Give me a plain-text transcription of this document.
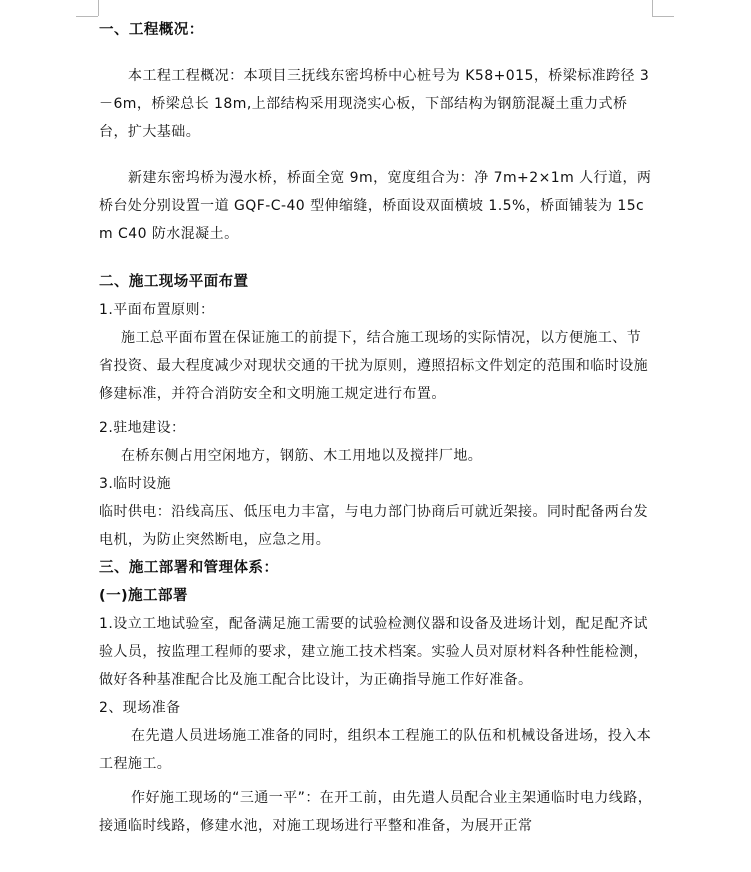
一、工程概况：

本工程工程概况：本项目三抚线东密坞桥中心桩号为 K58+015，桥梁标准跨径 3－6m，桥梁总长 18m,上部结构采用现浇实心板，下部结构为钢筋混凝土重力式桥台，扩大基础。

新建东密坞桥为漫水桥，桥面全宽 9m，宽度组合为：净 7m+2×1m 人行道，两桥台处分别设置一道 GQF-C-40 型伸缩缝，桥面设双面横坡 1.5%，桥面铺装为 15cm C40 防水混凝土。

二、施工现场平面布置

1.平面布置原则：

施工总平面布置在保证施工的前提下，结合施工现场的实际情况，以方便施工、节省投资、最大程度减少对现状交通的干扰为原则，遵照招标文件划定的范围和临时设施修建标准，并符合消防安全和文明施工规定进行布置。

2.驻地建设：

在桥东侧占用空闲地方，钢筋、木工用地以及搅拌厂地。

3.临时设施

临时供电：沿线高压、低压电力丰富，与电力部门协商后可就近架接。同时配备两台发电机，为防止突然断电，应急之用。

三、施工部署和管理体系：

(一)施工部署

1.设立工地试验室，配备满足施工需要的试验检测仪器和设备及进场计划，配足配齐试验人员，按监理工程师的要求，建立施工技术档案。实验人员对原材料各种性能检测，做好各种基准配合比及施工配合比设计，为正确指导施工作好准备。

2、现场准备

在先遣人员进场施工准备的同时，组织本工程施工的队伍和机械设备进场，投入本工程施工。

作好施工现场的“三通一平”：在开工前，由先遣人员配合业主架通临时电力线路，接通临时线路，修建水池，对施工现场进行平整和准备，为展开正常
